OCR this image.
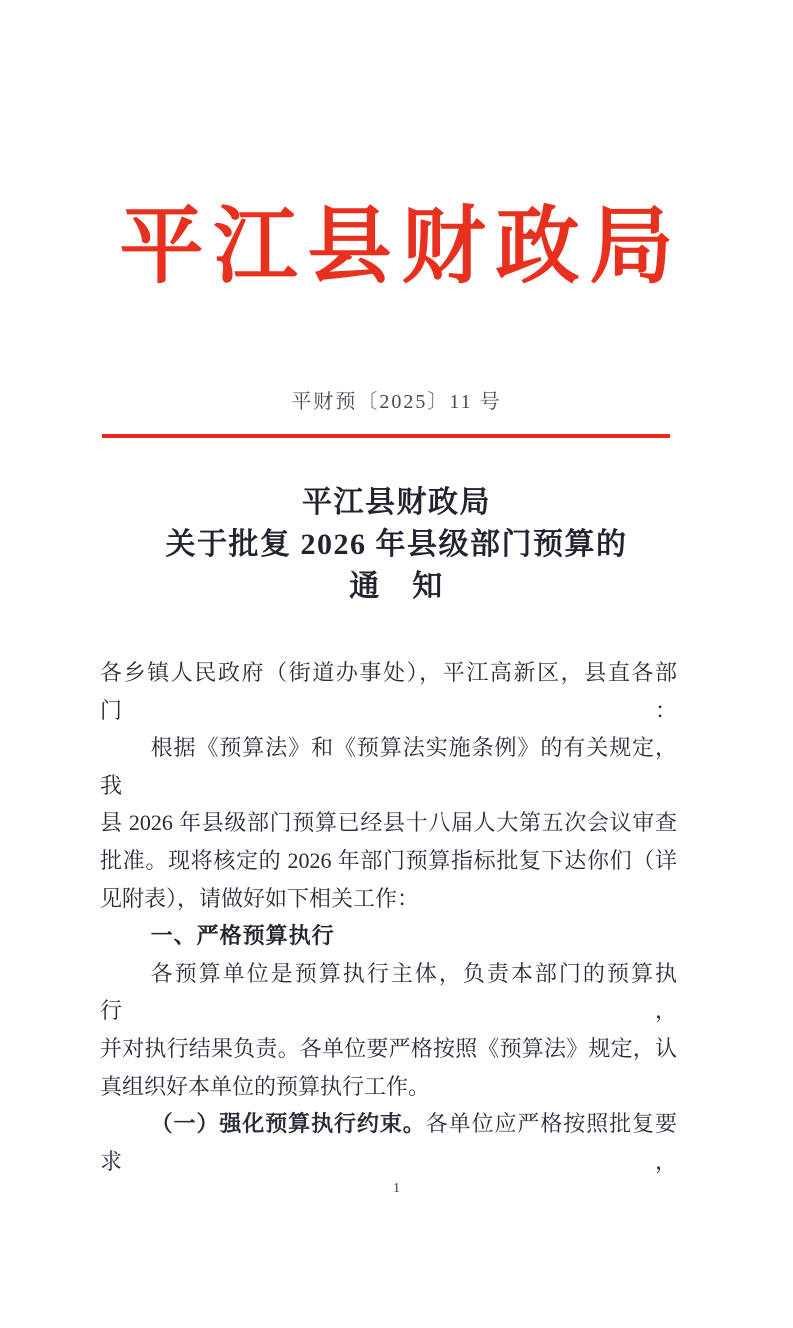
平江县财政局
平财预〔2025〕11 号
平江县财政局
关于批复 2026 年县级部门预算的
通　知

各乡镇人民政府（街道办事处），平江高新区，县直各部门：

根据《预算法》和《预算法实施条例》的有关规定，我

县 2026 年县级部门预算已经县十八届人大第五次会议审查

批准。现将核定的 2026 年部门预算指标批复下达你们（详

见附表），请做好如下相关工作：

一、严格预算执行

各预算单位是预算执行主体，负责本部门的预算执行，

并对执行结果负责。各单位要严格按照《预算法》规定，认

真组织好本单位的预算执行工作。

（一）强化预算执行约束。各单位应严格按照批复要求，

1
